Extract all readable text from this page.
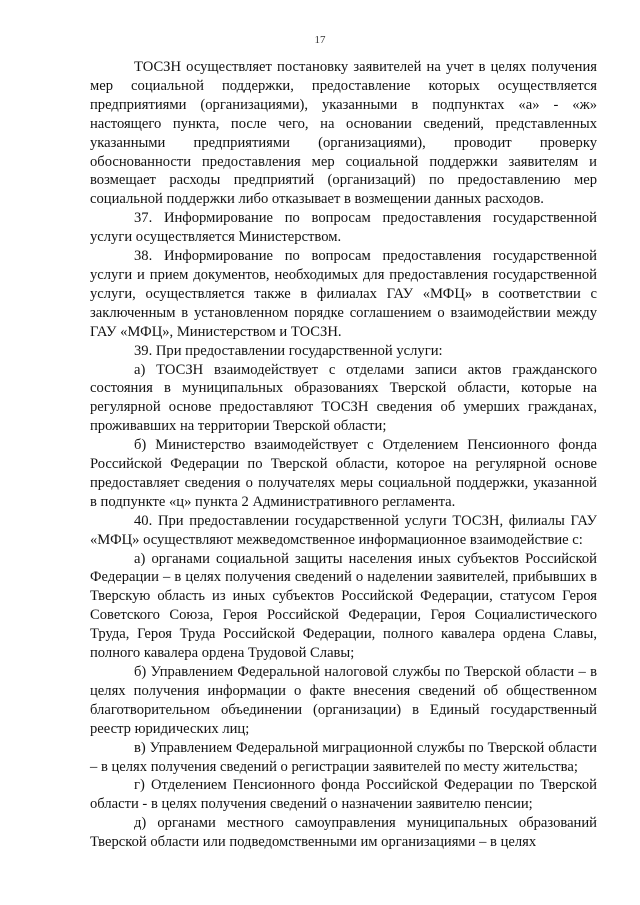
17

ТОСЗН осуществляет постановку заявителей на учет в целях получения мер социальной поддержки, предоставление которых осуществляется предприятиями (организациями), указанными в подпунктах «а» - «ж» настоящего пункта, после чего, на основании сведений, представленных указанными предприятиями (организациями), проводит проверку обоснованности предоставления мер социальной поддержки заявителям и возмещает расходы предприятий (организаций) по предоставлению мер социальной поддержки либо отказывает в возмещении данных расходов.

37. Информирование по вопросам предоставления государственной услуги осуществляется Министерством.

38. Информирование по вопросам предоставления государственной услуги и прием документов, необходимых для предоставления государственной услуги, осуществляется также в филиалах ГАУ «МФЦ» в соответствии с заключенным в установленном порядке соглашением о взаимодействии между ГАУ «МФЦ», Министерством и ТОСЗН.

39. При предоставлении государственной услуги:

а) ТОСЗН взаимодействует с отделами записи актов гражданского состояния в муниципальных образованиях Тверской области, которые на регулярной основе предоставляют ТОСЗН сведения об умерших гражданах, проживавших на территории Тверской области;

б) Министерство взаимодействует с Отделением Пенсионного фонда Российской Федерации по Тверской области, которое на регулярной основе предоставляет сведения о получателях меры социальной поддержки, указанной в подпункте «ц» пункта 2 Административного регламента.

40. При предоставлении государственной услуги ТОСЗН, филиалы ГАУ «МФЦ» осуществляют межведомственное информационное взаимодействие с:

а) органами социальной защиты населения иных субъектов Российской Федерации – в целях получения сведений о наделении заявителей, прибывших в Тверскую область из иных субъектов Российской Федерации, статусом Героя Советского Союза, Героя Российской Федерации, Героя Социалистического Труда, Героя Труда Российской Федерации, полного кавалера ордена Славы, полного кавалера ордена Трудовой Славы;

б) Управлением Федеральной налоговой службы по Тверской области – в целях получения информации о факте внесения сведений об общественном благотворительном объединении (организации) в Единый государственный реестр юридических лиц;

в) Управлением Федеральной миграционной службы по Тверской области – в целях получения сведений о регистрации заявителей по месту жительства;

г) Отделением Пенсионного фонда Российской Федерации по Тверской области - в целях получения сведений о назначении заявителю пенсии;

д) органами местного самоуправления муниципальных образований Тверской области или подведомственными им организациями – в целях
